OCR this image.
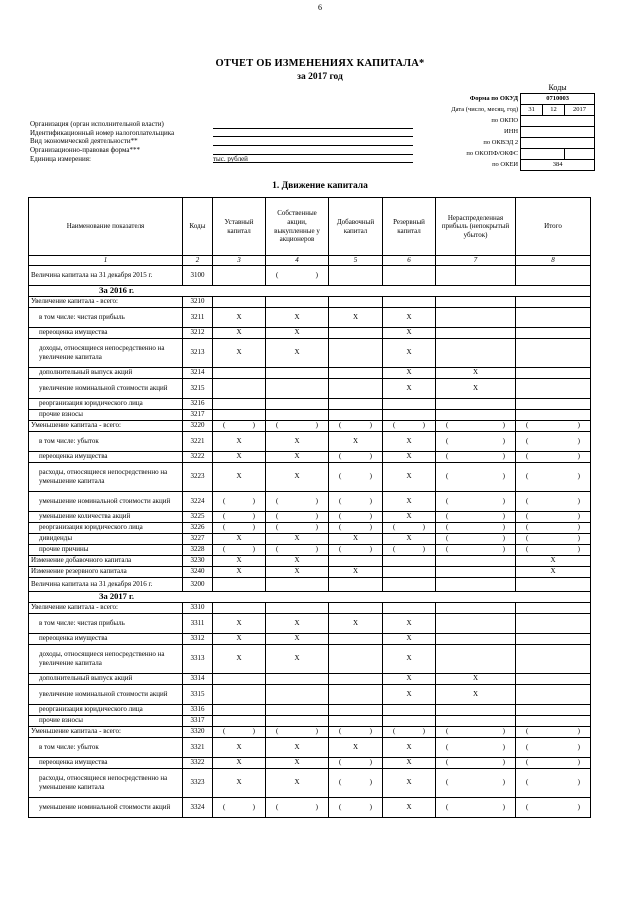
6
ОТЧЕТ ОБ ИЗМЕНЕНИЯХ КАПИТАЛА*
за 2017 год
	Коды		
Форма по ОКУД	0710003		
Дата (число, месяц, год)	31	12	2017
по ОКПО			
ИНН			
по ОКВЭД 2			
по ОКОПФ/ОКФС			
по ОКЕИ	384		
Организация (орган исполнительной власти)
Идентификационный номер налогоплательщика
Вид экономической деятельности**
Организационно-правовая форма***
Единица измерения:	тыс. рублей
1. Движение капитала
Наименование показателя	Коды	Уставный капитал	Собственные акции, выкупленные у акционеров	Добавочный капитал	Резервный капитал	Нераспределенная прибыль (непокрытый убыток)	Итого
1	2	3	4	5	6	7	8
Величина капитала на 31 декабря 2015 г.	3100		( )				

За 2016 г.							
Увеличение капитала - всего:	3210						
в том числе: чистая прибыль	3211	X	X	X	X		
переоценка имущества	3212	X	X		X		
доходы, относящиеся непосредственно на увеличение капитала	3213	X	X		X		
дополнительный выпуск акций	3214				X	X	
увеличение номинальной стоимости акций	3215				X	X	
реорганизация юридического лица	3216						
прочие взносы	3217						
Уменьшение капитала - всего:	3220	( )	( )	( )	( )	( )	( )

в том числе: убыток	3221	X	X	X	X	( )	( )

переоценка имущества	3222	X	X	( )	X	( )	( )

расходы, относящиеся непосредственно на уменьшение капитала	3223	X	X	( )	X	( )	( )

уменьшение номинальной стоимости акций	3224	( )	( )	( )	X	( )	( )

уменьшение количества акций	3225	( )	( )	( )	X	( )	( )

реорганизация юридического лица	3226	( )	( )	( )	( )	( )	( )

дивиденды	3227	X	X	X	X	( )	( )

прочие причины	3228	( )	( )	( )	( )	( )	( )

Изменение добавочного капитала	3230	X	X				X
Изменение резервного капитала	3240	X	X	X			X
Величина капитала на 31 декабря 2016 г.	3200						
За 2017 г.							
Увеличение капитала - всего:	3310						
в том числе: чистая прибыль	3311	X	X	X	X		
переоценка имущества	3312	X	X		X		
доходы, относящиеся непосредственно на увеличение капитала	3313	X	X		X		
дополнительный выпуск акций	3314				X	X	
увеличение номинальной стоимости акций	3315				X	X	
реорганизация юридического лица	3316						
прочие взносы	3317						
Уменьшение капитала - всего:	3320	( )	( )	( )	( )	( )	( )

в том числе: убыток	3321	X	X	X	X	( )	( )

переоценка имущества	3322	X	X	( )	X	( )	( )

расходы, относящиеся непосредственно на уменьшение капитала	3323	X	X	( )	X	( )	( )

уменьшение номинальной стоимости акций	3324	( )	( )	( )	X	( )	( )
